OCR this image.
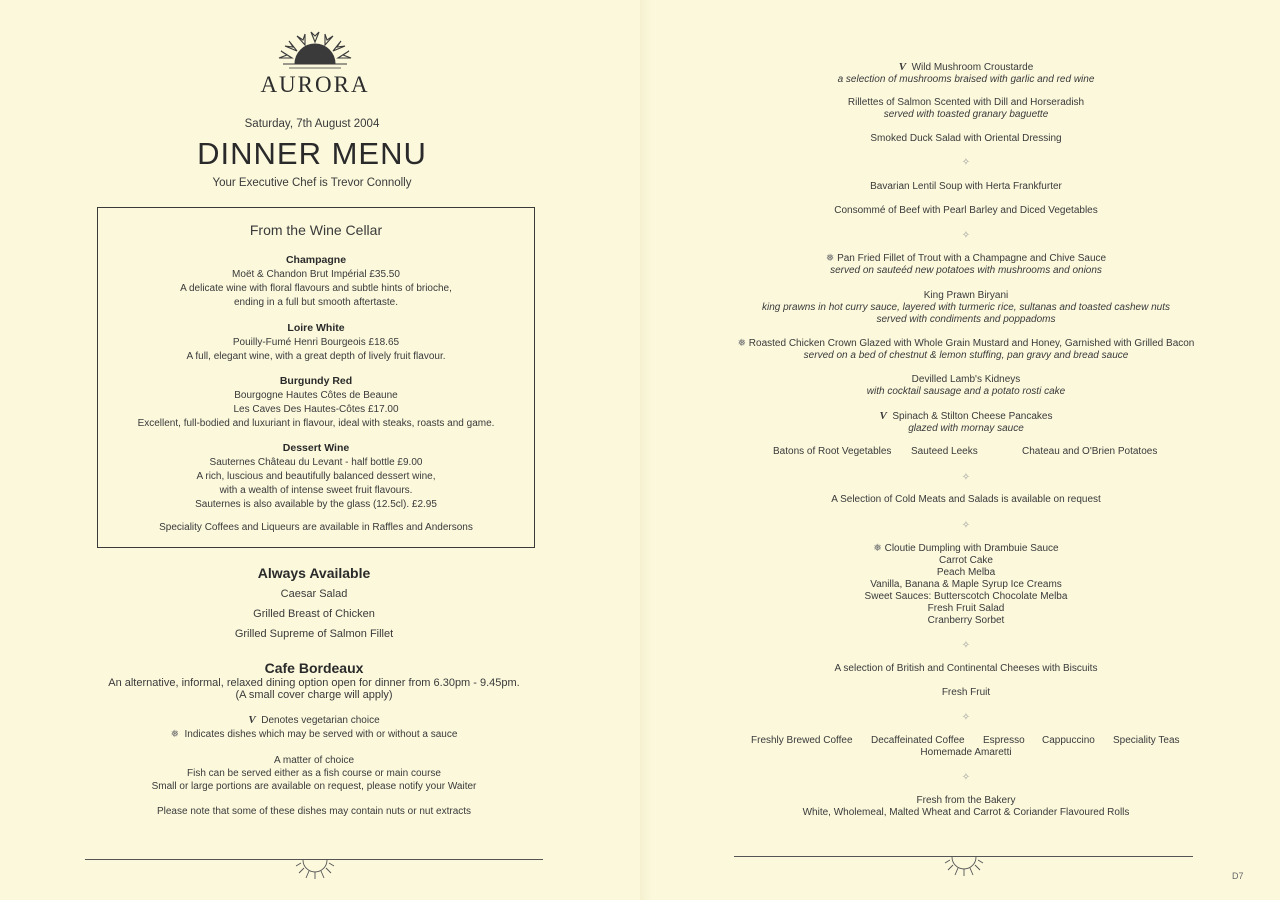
AURORA
Saturday, 7th August 2004
DINNER MENU
Your Executive Chef is Trevor Connolly
From the Wine Cellar
Champagne
Moët & Chandon Brut Impérial £35.50
A delicate wine with floral flavours and subtle hints of brioche,
ending in a full but smooth aftertaste.
Loire White
Pouilly-Fumé Henri Bourgeois £18.65
A full, elegant wine, with a great depth of lively fruit flavour.
Burgundy Red
Bourgogne Hautes Côtes de Beaune
Les Caves Des Hautes-Côtes £17.00
Excellent, full-bodied and luxuriant in flavour, ideal with steaks, roasts and game.
Dessert Wine
Sauternes Château du Levant - half bottle £9.00
A rich, luscious and beautifully balanced dessert wine,
with a wealth of intense sweet fruit flavours.
Sauternes is also available by the glass (12.5cl). £2.95
Speciality Coffees and Liqueurs are available in Raffles and Andersons
Always Available
Caesar Salad
Grilled Breast of Chicken
Grilled Supreme of Salmon Fillet
Cafe Bordeaux
An alternative, informal, relaxed dining option open for dinner from 6.30pm - 9.45pm.
(A small cover charge will apply)
V Denotes vegetarian choice
❅ Indicates dishes which may be served with or without a sauce
A matter of choice
Fish can be served either as a fish course or main course
Small or large portions are available on request, please notify your Waiter
Please note that some of these dishes may contain nuts or nut extracts
V Wild Mushroom Croustarde
a selection of mushrooms braised with garlic and red wine
Rillettes of Salmon Scented with Dill and Horseradish
served with toasted granary baguette
Smoked Duck Salad with Oriental Dressing
✧
Bavarian Lentil Soup with Herta Frankfurter
Consommé of Beef with Pearl Barley and Diced Vegetables
✧
❅ Pan Fried Fillet of Trout with a Champagne and Chive Sauce
served on sauteéd new potatoes with mushrooms and onions
King Prawn Biryani
king prawns in hot curry sauce, layered with turmeric rice, sultanas and toasted cashew nuts
served with condiments and poppadoms
❅ Roasted Chicken Crown Glazed with Whole Grain Mustard and Honey, Garnished with Grilled Bacon
served on a bed of chestnut & lemon stuffing, pan gravy and bread sauce
Devilled Lamb's Kidneys
with cocktail sausage and a potato rosti cake
V Spinach & Stilton Cheese Pancakes
glazed with mornay sauce
Batons of Root Vegetables Sauteed Leeks	Chateau and O'Brien Potatoes
✧
A Selection of Cold Meats and Salads is available on request
✧
❅ Cloutie Dumpling with Drambuie Sauce
Carrot Cake
Peach Melba
Vanilla, Banana & Maple Syrup Ice Creams
Sweet Sauces: Butterscotch Chocolate Melba
Fresh Fruit Salad
Cranberry Sorbet
✧
A selection of British and Continental Cheeses with Biscuits
Fresh Fruit
✧
Freshly Brewed Coffee Decaffeinated Coffee Espresso Cappuccino Speciality Teas
Homemade Amaretti
✧
Fresh from the Bakery
White, Wholemeal, Malted Wheat and Carrot & Coriander Flavoured Rolls
D7
